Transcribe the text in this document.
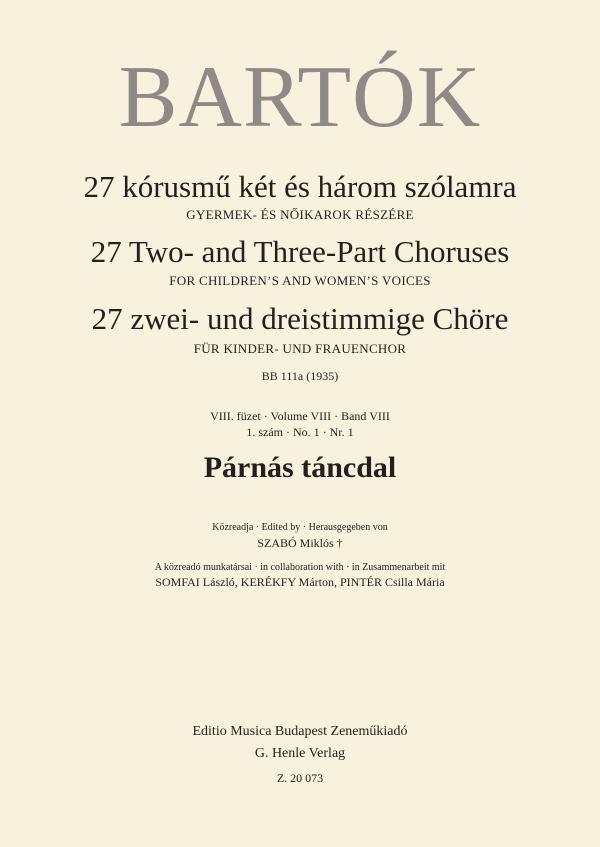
BARTÓK
27 kórusmű két és három szólamra
GYERMEK- ÉS NŐIKAROK RÉSZÉRE
27 Two- and Three-Part Choruses
FOR CHILDREN’S AND WOMEN’S VOICES
27 zwei- und dreistimmige Chöre
FÜR KINDER- UND FRAUENCHOR
BB 111a (1935)
VIII. füzet · Volume VIII · Band VIII
1. szám · No. 1 · Nr. 1
Párnás táncdal
Közreadja · Edited by · Herausgegeben von
SZABÓ Miklós †
A közreadó munkatársai · in collaboration with · in Zusammenarbeit mit
SOMFAI László, KERÉKFY Márton, PINTÉR Csilla Mária
Editio Musica Budapest Zeneműkiadó
G. Henle Verlag
Z. 20 073
